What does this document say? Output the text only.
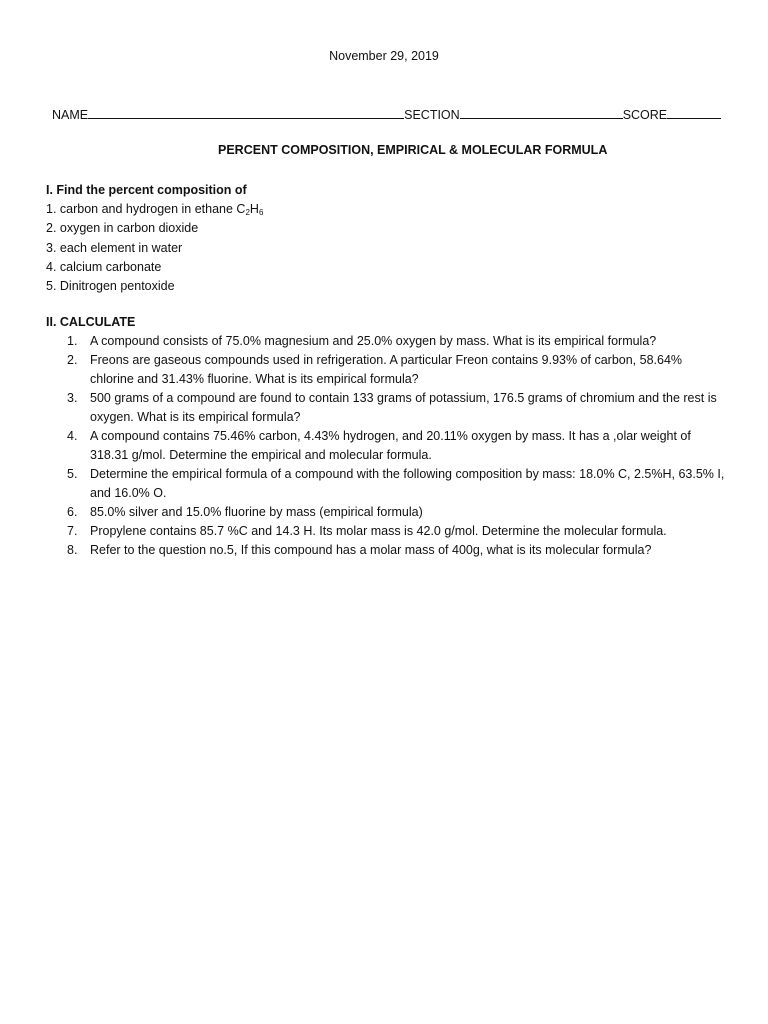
November 29, 2019
NAME	SECTION	SCORE
PERCENT COMPOSITION, EMPIRICAL & MOLECULAR FORMULA
I. Find the percent composition of
1. carbon and hydrogen in ethane $C_2H_6$
2. oxygen in carbon dioxide
3. each element in water
4. calcium carbonate
5. Dinitrogen pentoxide
II. CALCULATE
1. A compound consists of 75.0% magnesium and 25.0% oxygen by mass. What is its empirical formula?
2. Freons are gaseous compounds used in refrigeration. A particular Freon contains 9.93% of carbon, 58.64% chlorine and 31.43% fluorine. What is its empirical formula?
3. 500 grams of a compound are found to contain 133 grams of potassium, 176.5 grams of chromium and the rest is oxygen. What is its empirical formula?
4. A compound contains 75.46% carbon, 4.43% hydrogen, and 20.11% oxygen by mass. It has a ,olar weight of 318.31 g/mol. Determine the empirical and molecular formula.
5. Determine the empirical formula of a compound with the following composition by mass: 18.0% C, 2.5%H, 63.5% I, and 16.0% O.
6. 85.0% silver and 15.0% fluorine by mass (empirical formula)
7. Propylene contains 85.7 %C and 14.3 H. Its molar mass is 42.0 g/mol. Determine the molecular formula.
8. Refer to the question no.5, If this compound has a molar mass of 400g, what is its molecular formula?
